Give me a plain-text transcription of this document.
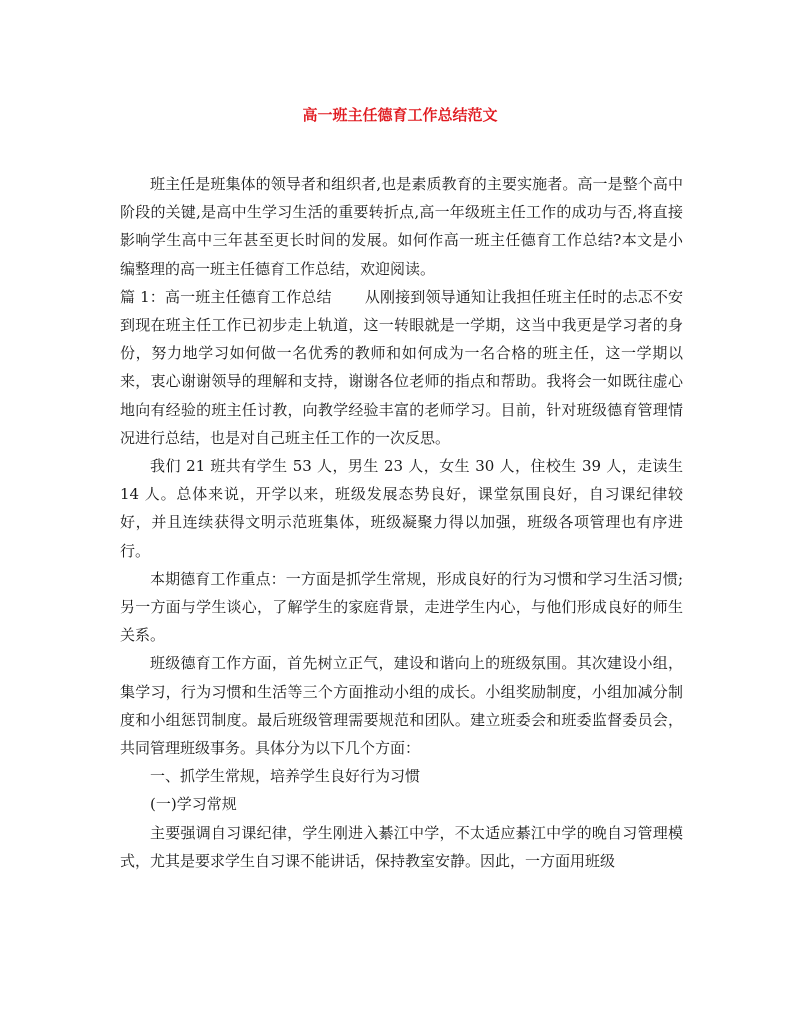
高一班主任德育工作总结范文

班主任是班集体的领导者和组织者,也是素质教育的主要实施者。高一是整个高中阶段的关键,是高中生学习生活的重要转折点,高一年级班主任工作的成功与否,将直接影响学生高中三年甚至更长时间的发展。如何作高一班主任德育工作总结?本文是小编整理的高一班主任德育工作总结，欢迎阅读。

篇 1：高一班主任德育工作总结 从刚接到领导通知让我担任班主任时的忐忑不安到现在班主任工作已初步走上轨道，这一转眼就是一学期，这当中我更是学习者的身份，努力地学习如何做一名优秀的教师和如何成为一名合格的班主任，这一学期以来，衷心谢谢领导的理解和支持，谢谢各位老师的指点和帮助。我将会一如既往虚心地向有经验的班主任讨教，向教学经验丰富的老师学习。目前，针对班级德育管理情况进行总结，也是对自己班主任工作的一次反思。

我们 21 班共有学生 53 人，男生 23 人，女生 30 人，住校生 39 人，走读生 14 人。总体来说，开学以来，班级发展态势良好，课堂氛围良好，自习课纪律较好，并且连续获得文明示范班集体，班级凝聚力得以加强，班级各项管理也有序进行。

本期德育工作重点：一方面是抓学生常规，形成良好的行为习惯和学习生活习惯;另一方面与学生谈心，了解学生的家庭背景，走进学生内心，与他们形成良好的师生关系。

班级德育工作方面，首先树立正气，建设和谐向上的班级氛围。其次建设小组，集学习，行为习惯和生活等三个方面推动小组的成长。小组奖励制度，小组加减分制度和小组惩罚制度。最后班级管理需要规范和团队。建立班委会和班委监督委员会，共同管理班级事务。具体分为以下几个方面：

一、抓学生常规，培养学生良好行为习惯

(一)学习常规

主要强调自习课纪律，学生刚进入綦江中学，不太适应綦江中学的晚自习管理模式，尤其是要求学生自习课不能讲话，保持教室安静。因此，一方面用班级
